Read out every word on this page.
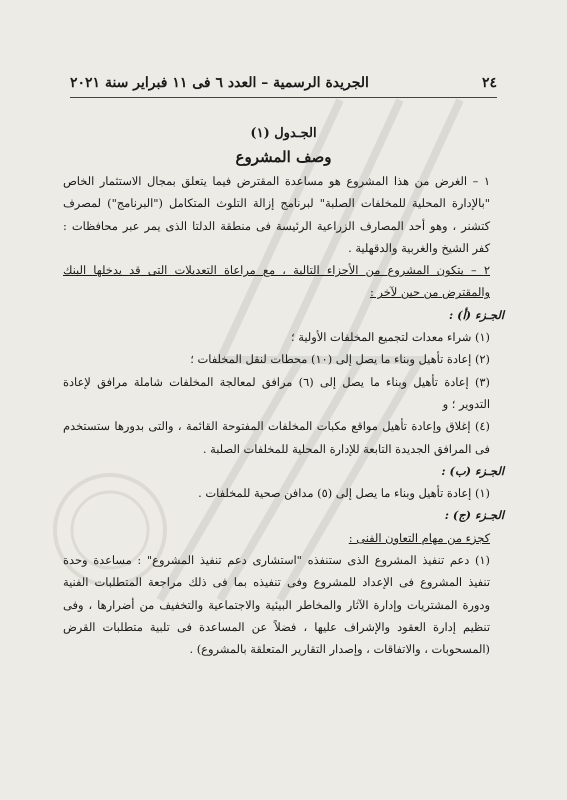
٢٤
الجريدة الرسمية – العدد ٦ فى ١١ فبراير سنة ٢٠٢١
الجـدول (١)
وصف المشروع

١ – الغرض من هذا المشروع هو مساعدة المقترض فيما يتعلق بمجال الاستثمار الخاص "بالإدارة المحلية للمخلفات الصلبة" لبرنامج إزالة التلوث المتكامل ("البرنامج") لمصرف كتشنر ، وهو أحد المصارف الزراعية الرئيسة فى منطقة الدلتا الذى يمر عبر محافظات : كفر الشيخ والغربية والدقهلية .

٢ – يتكون المشروع من الأجزاء التالية ، مع مراعاة التعديلات التى قد يدخلها البنك والمقترض من حين لآخر :

الجـزء (أ) :

(١) شراء معدات لتجميع المخلفات الأولية ؛

(٢) إعادة تأهيل وبناء ما يصل إلى (١٠) محطات لنقل المخلفات ؛

(٣) إعادة تأهيل وبناء ما يصل إلى (٦) مرافق لمعالجة المخلفات شاملة مرافق لإعادة التدوير ؛ و

(٤) إغلاق وإعادة تأهيل مواقع مكبات المخلفات المفتوحة القائمة ، والتى بدورها ستستخدم فى المرافق الجديدة التابعة للإدارة المحلية للمخلفات الصلبة .

الجـزء (ب) :

(١) إعادة تأهيل وبناء ما يصل إلى (٥) مدافن صحية للمخلفات .

الجـزء (ج) :

كجزء من مهام التعاون الفنى :

(١) دعم تنفيذ المشروع الذى ستنفذه "استشارى دعم تنفيذ المشروع" : مساعدة وحدة تنفيذ المشروع فى الإعداد للمشروع وفى تنفيذه بما فى ذلك مراجعة المتطلبات الفنية ودورة المشتريات وإدارة الآثار والمخاطر البيئية والاجتماعية والتخفيف من أضرارها ، وفى تنظيم إدارة العقود والإشراف عليها ، فضلاً عن المساعدة فى تلبية متطلبات القرض (المسحوبات ، والاتفاقات ، وإصدار التقارير المتعلقة بالمشروع) .
